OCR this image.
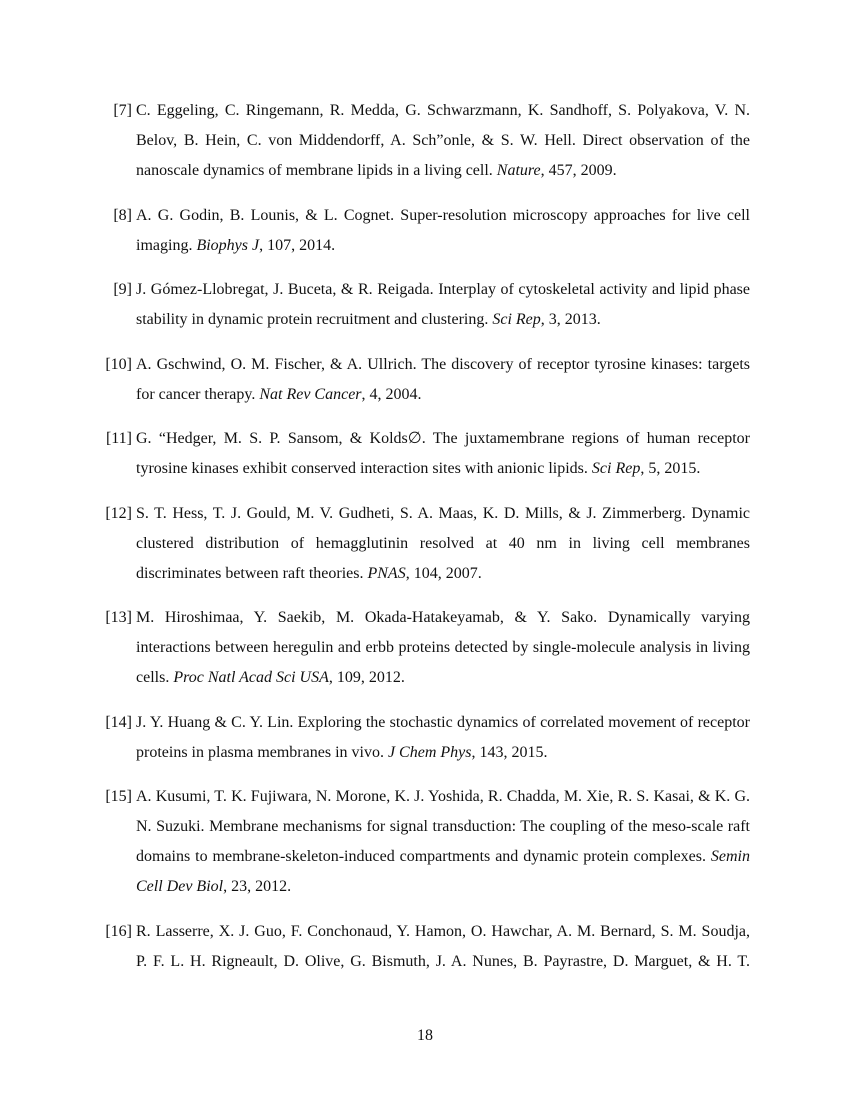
[7] C. Eggeling, C. Ringemann, R. Medda, G. Schwarzmann, K. Sandhoff, S. Polyakova, V. N. Belov, B. Hein, C. von Middendorff, A. Sch”onle, & S. W. Hell. Direct observation of the nanoscale dynamics of membrane lipids in a living cell. Nature, 457, 2009.
[8] A. G. Godin, B. Lounis, & L. Cognet. Super-resolution microscopy approaches for live cell imaging. Biophys J, 107, 2014.
[9] J. Gómez-Llobregat, J. Buceta, & R. Reigada. Interplay of cytoskeletal activity and lipid phase stability in dynamic protein recruitment and clustering. Sci Rep, 3, 2013.
[10] A. Gschwind, O. M. Fischer, & A. Ullrich. The discovery of receptor tyrosine kinases: targets for cancer therapy. Nat Rev Cancer, 4, 2004.
[11] G. “Hedger, M. S. P. Sansom, & Kolds∅. The juxtamembrane regions of human receptor tyrosine kinases exhibit conserved interaction sites with anionic lipids. Sci Rep, 5, 2015.
[12] S. T. Hess, T. J. Gould, M. V. Gudheti, S. A. Maas, K. D. Mills, & J. Zimmerberg. Dynamic clustered distribution of hemagglutinin resolved at 40 nm in living cell membranes discriminates between raft theories. PNAS, 104, 2007.
[13] M. Hiroshimaa, Y. Saekib, M. Okada-Hatakeyamab, & Y. Sako. Dynamically varying interactions between heregulin and erbb proteins detected by single-molecule analysis in living cells. Proc Natl Acad Sci USA, 109, 2012.
[14] J. Y. Huang & C. Y. Lin. Exploring the stochastic dynamics of correlated movement of receptor proteins in plasma membranes in vivo. J Chem Phys, 143, 2015.
[15] A. Kusumi, T. K. Fujiwara, N. Morone, K. J. Yoshida, R. Chadda, M. Xie, R. S. Kasai, & K. G. N. Suzuki. Membrane mechanisms for signal transduction: The coupling of the meso-scale raft domains to membrane-skeleton-induced compartments and dynamic protein complexes. Semin Cell Dev Biol, 23, 2012.
[16] R. Lasserre, X. J. Guo, F. Conchonaud, Y. Hamon, O. Hawchar, A. M. Bernard, S. M. Soudja, P. F. L. H. Rigneault, D. Olive, G. Bismuth, J. A. Nunes, B. Payrastre, D. Marguet, & H. T.
18
